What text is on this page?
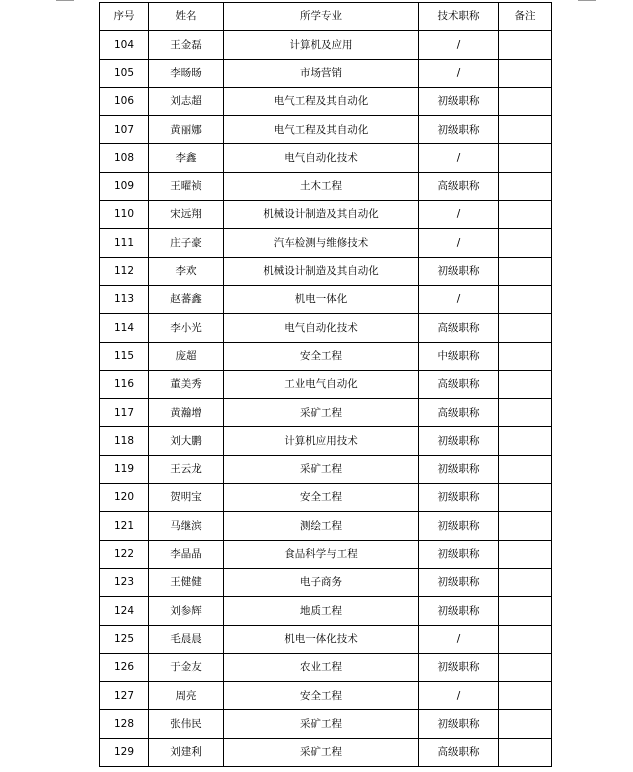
序号	姓名	所学专业	技术职称	备注
104	王金磊	计算机及应用	/	
105	李旸旸	市场营销	/	
106	刘志超	电气工程及其自动化	初级职称	
107	黄丽娜	电气工程及其自动化	初级职称	
108	李鑫	电气自动化技术	/	
109	王曜祯	土木工程	高级职称	
110	宋远翔	机械设计制造及其自动化	/	
111	庄子豪	汽车检测与维修技术	/	
112	李欢	机械设计制造及其自动化	初级职称	
113	赵蕃鑫	机电一体化	/	
114	李小光	电气自动化技术	高级职称	
115	庞超	安全工程	中级职称	
116	董美秀	工业电气自动化	高级职称	
117	黄瀚增	采矿工程	高级职称	
118	刘大鹏	计算机应用技术	初级职称	
119	王云龙	采矿工程	初级职称	
120	贺明宝	安全工程	初级职称	
121	马继滨	测绘工程	初级职称	
122	李晶晶	食品科学与工程	初级职称	
123	王健健	电子商务	初级职称	
124	刘参辉	地质工程	初级职称	
125	毛晨晨	机电一体化技术	/	
126	于金友	农业工程	初级职称	
127	周亮	安全工程	/	
128	张伟民	采矿工程	初级职称	
129	刘建利	采矿工程	高级职称	
